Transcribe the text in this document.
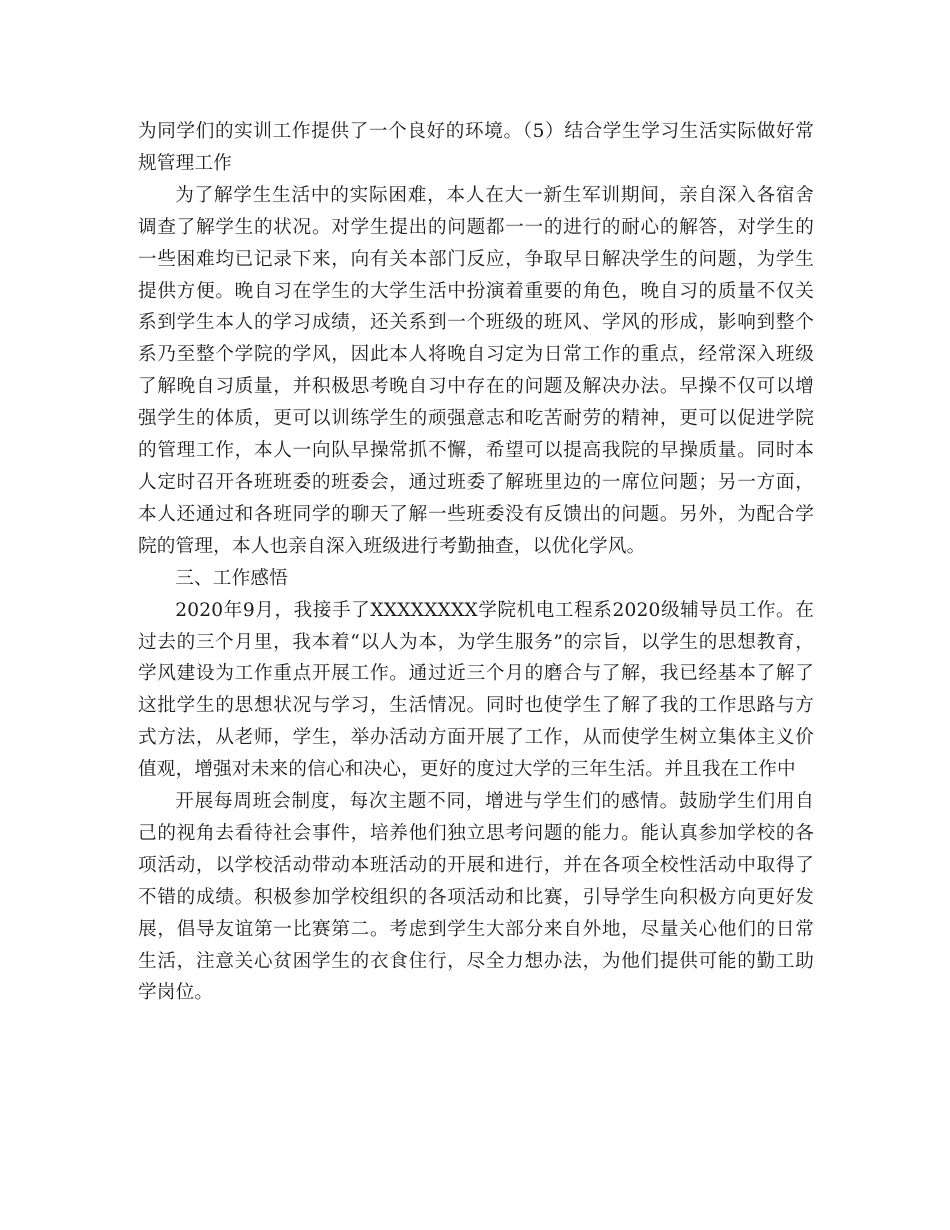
为同学们的实训工作提供了一个良好的环境。（5）结合学生学习生活实际做好常规管理工作

为了解学生生活中的实际困难，本人在大一新生军训期间，亲自深入各宿舍调查了解学生的状况。对学生提出的问题都一一的进行的耐心的解答，对学生的一些困难均已记录下来，向有关本部门反应，争取早日解决学生的问题，为学生提供方便。晚自习在学生的大学生活中扮演着重要的角色，晚自习的质量不仅关系到学生本人的学习成绩，还关系到一个班级的班风、学风的形成，影响到整个系乃至整个学院的学风，因此本人将晚自习定为日常工作的重点，经常深入班级了解晚自习质量，并积极思考晚自习中存在的问题及解决办法。早操不仅可以增强学生的体质，更可以训练学生的顽强意志和吃苦耐劳的精神，更可以促进学院的管理工作，本人一向队早操常抓不懈，希望可以提高我院的早操质量。同时本人定时召开各班班委的班委会，通过班委了解班里边的一席位问题；另一方面，本人还通过和各班同学的聊天了解一些班委没有反馈出的问题。另外，为配合学院的管理，本人也亲自深入班级进行考勤抽查，以优化学风。

三、工作感悟

2020年9月，我接手了XXXXXXXX学院机电工程系2020级辅导员工作。在过去的三个月里，我本着“以人为本，为学生服务”的宗旨，以学生的思想教育，学风建设为工作重点开展工作。通过近三个月的磨合与了解，我已经基本了解了这批学生的思想状况与学习，生活情况。同时也使学生了解了我的工作思路与方式方法，从老师，学生，举办活动方面开展了工作，从而使学生树立集体主义价值观，增强对未来的信心和决心，更好的度过大学的三年生活。并且我在工作中

开展每周班会制度，每次主题不同，增进与学生们的感情。鼓励学生们用自己的视角去看待社会事件，培养他们独立思考问题的能力。能认真参加学校的各项活动，以学校活动带动本班活动的开展和进行，并在各项全校性活动中取得了不错的成绩。积极参加学校组织的各项活动和比赛，引导学生向积极方向更好发展，倡导友谊第一比赛第二。考虑到学生大部分来自外地，尽量关心他们的日常生活，注意关心贫困学生的衣食住行，尽全力想办法，为他们提供可能的勤工助学岗位。
